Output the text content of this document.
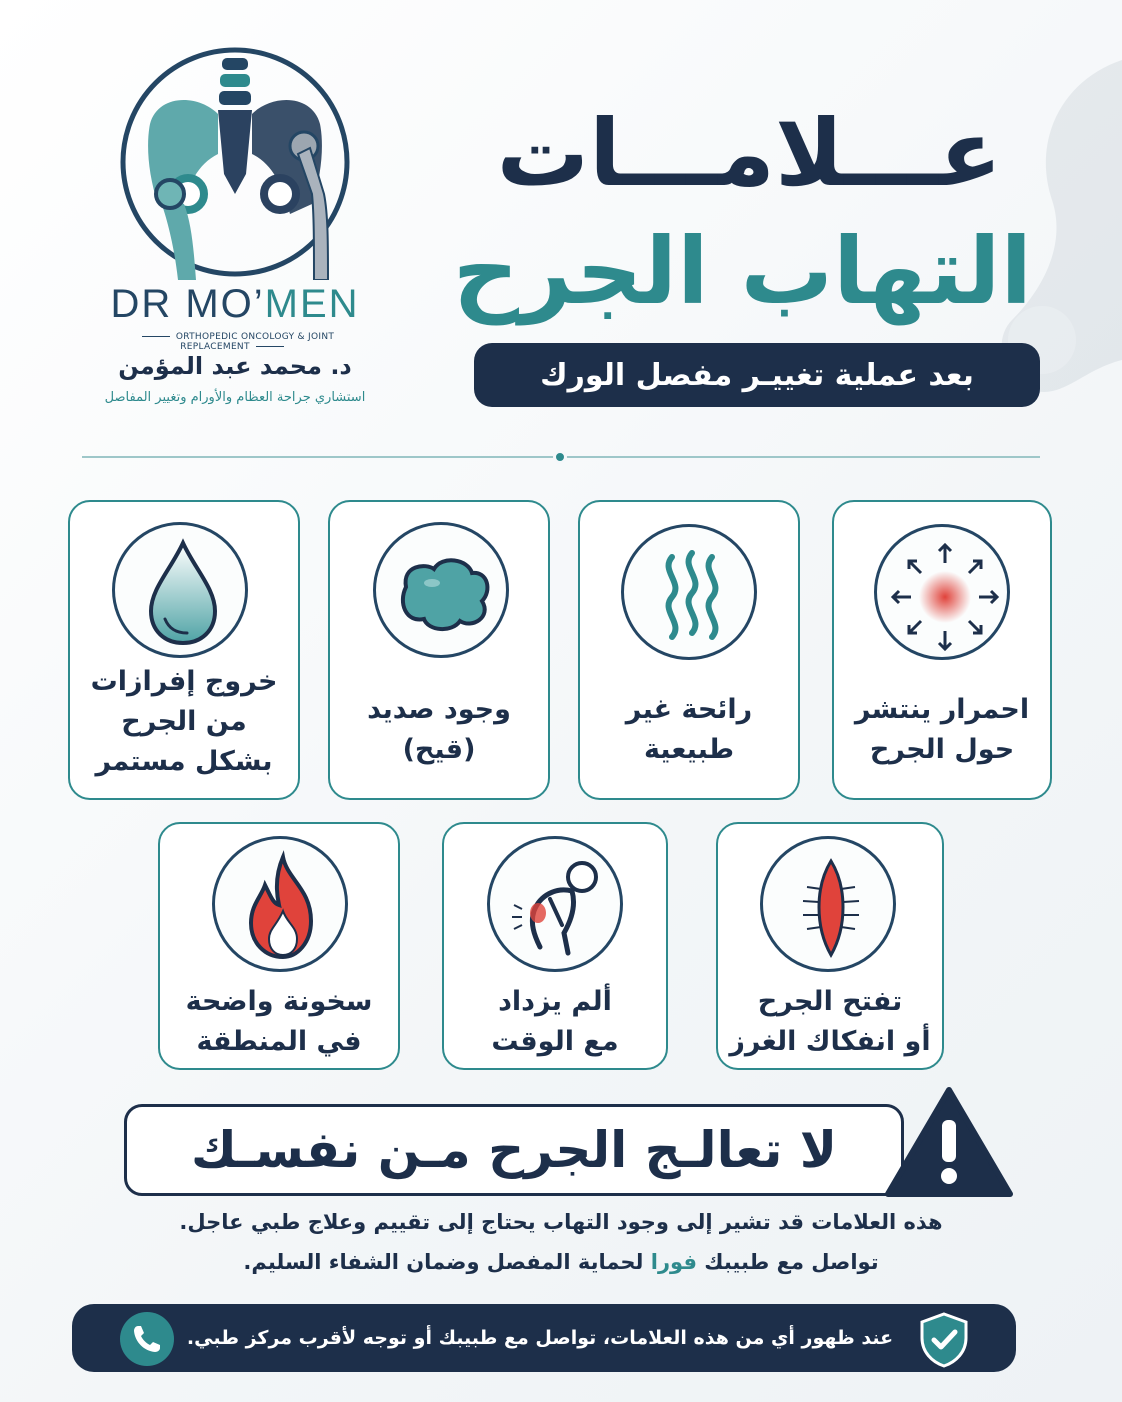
DR MO’MEN
ORTHOPEDIC ONCOLOGY & JOINT REPLACEMENT
د. محمد عبد المؤمن
استشاري جراحة العظام والأورام وتغيير المفاصل
عـــلامـــات
التهاب الجرح
بعد عملية تغييـر مفصل الورك
احمرار ينتشر
حول الجرح
رائحة غير
طبيعية
وجود صديد
(قيح)
خروج إفرازات
من الجرح
بشكل مستمر
تفتح الجرح
أو انفكاك الغرز
ألم يزداد
مع الوقت
سخونة واضحة
في المنطقة
لا تعالـج الجرح مـن نفسـك
هذه العلامات قد تشير إلى وجود التهاب يحتاج إلى تقييم وعلاج طبي عاجل.
تواصل مع طبيبك فورا لحماية المفصل وضمان الشفاء السليم.
عند ظهور أي من هذه العلامات، تواصل مع طبيبك أو توجه لأقرب مركز طبي.
